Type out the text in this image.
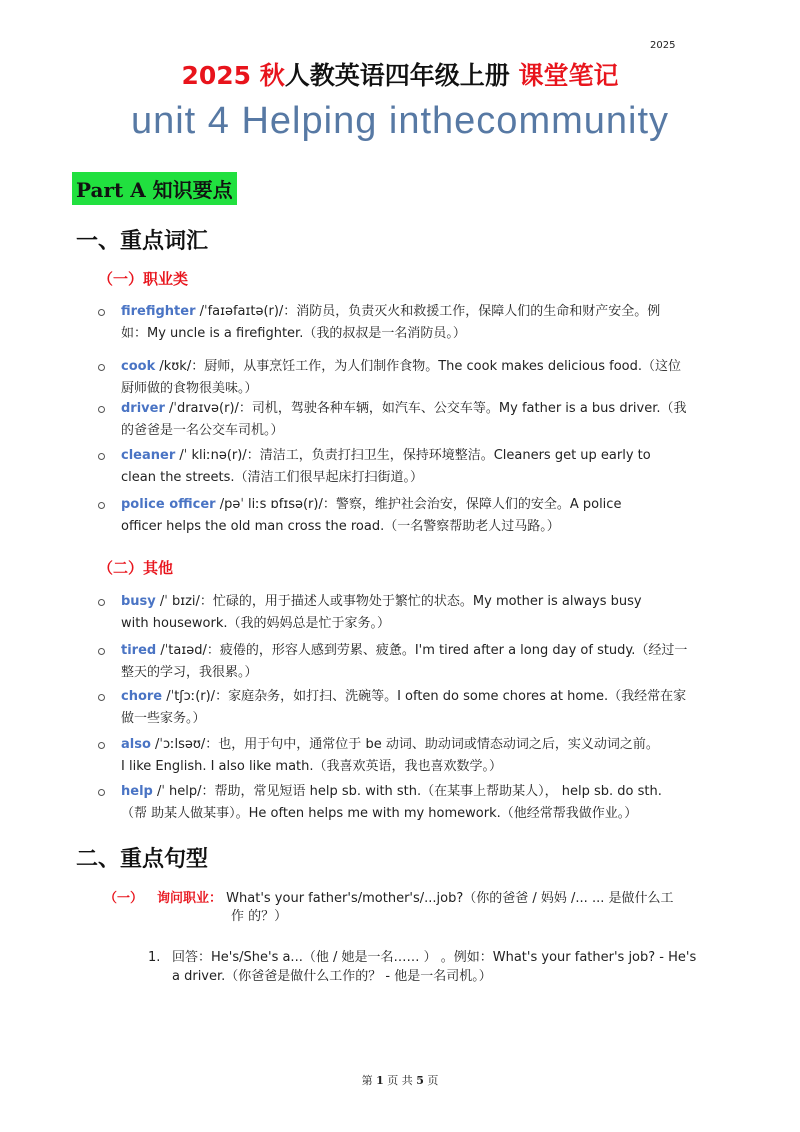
2025
2025 秋人教英语四年级上册 课堂笔记
unit 4 Helping inthecommunity
Part A 知识要点
一、重点词汇
（一）职业类
firefighter /ˈfaɪəfaɪtə(r)/：消防员，负责灭火和救援工作，保障人们的生命和财产安全。例
如：My uncle is a firefighter.（我的叔叔是一名消防员。）
cook /kʊk/：厨师，从事烹饪工作，为人们制作食物。The cook makes delicious food.（这位
厨师做的食物很美味。）
driver /ˈdraɪvə(r)/：司机，驾驶各种车辆，如汽车、公交车等。My father is a bus driver.（我
的爸爸是一名公交车司机。）
cleaner /ˈ kliːnə(r)/：清洁工，负责打扫卫生，保持环境整洁。Cleaners get up early to
clean the streets.（清洁工们很早起床打扫街道。）
police officer /pəˈ liːs ɒfɪsə(r)/：警察，维护社会治安，保障人们的安全。A police
officer helps the old man cross the road.（一名警察帮助老人过马路。）
（二）其他
busy /ˈ bɪzi/：忙碌的，用于描述人或事物处于繁忙的状态。My mother is always busy
with housework.（我的妈妈总是忙于家务。）
tired /ˈtaɪəd/：疲倦的，形容人感到劳累、疲惫。I'm tired after a long day of study.（经过一
整天的学习，我很累。）
chore /ˈtʃɔː(r)/：家庭杂务，如打扫、洗碗等。I often do some chores at home.（我经常在家
做一些家务。）
also /ˈɔːlsəʊ/：也，用于句中，通常位于 be 动词、助动词或情态动词之后，实义动词之前。
I like English. I also like math.（我喜欢英语，我也喜欢数学。）
help /ˈ help/：帮助，常见短语 help sb. with sth.（在某事上帮助某人）， help sb. do sth.
（帮 助某人做某事）。He often helps me with my homework.（他经常帮我做作业。）
二、重点句型
（一） 询问职业： What's your father's/mother's/...job?（你的爸爸 / 妈妈 /... ... 是做什么工
作 的？）
1. 回答：He's/She's a...（他 / 她是一名…… ） 。例如：What's your father's job? - He's
a driver.（你爸爸是做什么工作的？ - 他是一名司机。）
第 1 页 共 5 页
